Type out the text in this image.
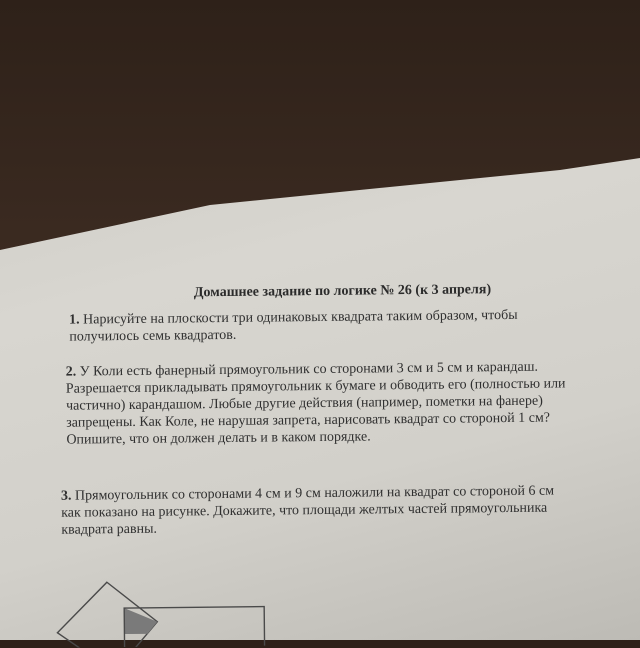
Домашнее задание по логике № 26 (к 3 апреля)
1. Нарисуйте на плоскости три одинаковых квадрата таким образом, чтобы
получилось семь квадратов.
2. У Коли есть фанерный прямоугольник со сторонами 3 см и 5 см и карандаш.
Разрешается прикладывать прямоугольник к бумаге и обводить его (полностью или
частично) карандашом. Любые другие действия (например, пометки на фанере)
запрещены. Как Коле, не нарушая запрета, нарисовать квадрат со стороной 1 см?
Опишите, что он должен делать и в каком порядке.
3. Прямоугольник со сторонами 4 см и 9 см наложили на квадрат со стороной 6 см
как показано на рисунке. Докажите, что площади желтых частей прямоугольника
квадрата равны.
